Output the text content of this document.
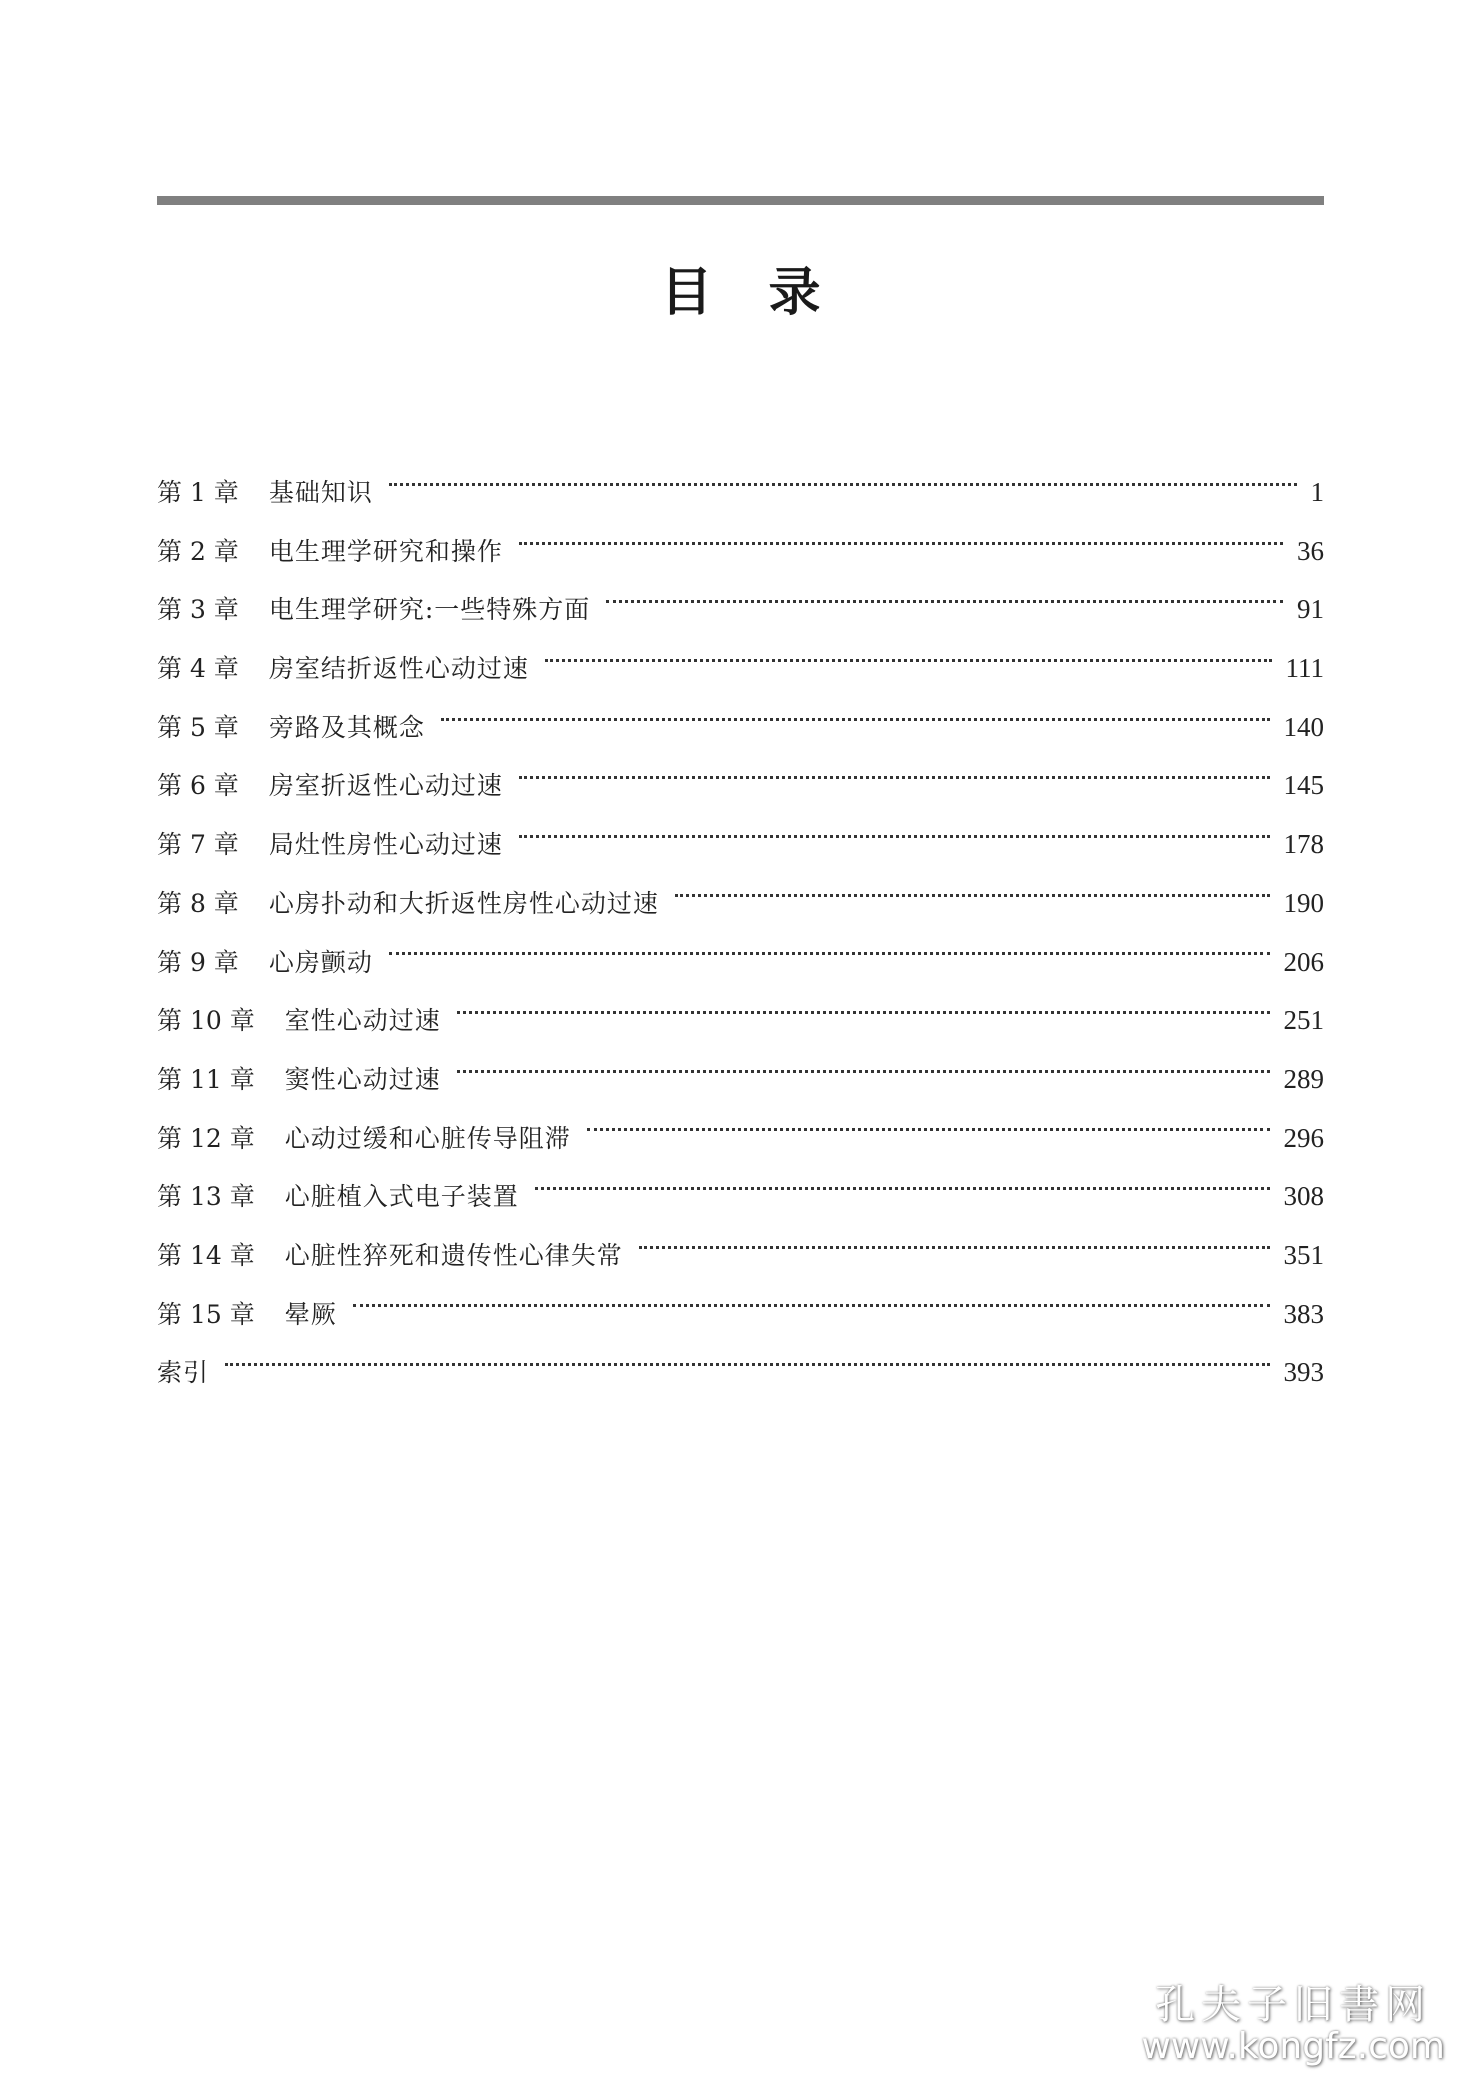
目录
第 1 章 基础知识	1
第 2 章 电生理学研究和操作	36
第 3 章 电生理学研究:一些特殊方面	91
第 4 章 房室结折返性心动过速	111
第 5 章 旁路及其概念	140
第 6 章 房室折返性心动过速	145
第 7 章 局灶性房性心动过速	178
第 8 章 心房扑动和大折返性房性心动过速	190
第 9 章 心房颤动	206
第 10 章 室性心动过速	251
第 11 章 窦性心动过速	289
第 12 章 心动过缓和心脏传导阻滞	296
第 13 章 心脏植入式电子装置	308
第 14 章 心脏性猝死和遗传性心律失常	351
第 15 章 晕厥	383
索引	393
孔夫子旧書网
www.kongfz.com
